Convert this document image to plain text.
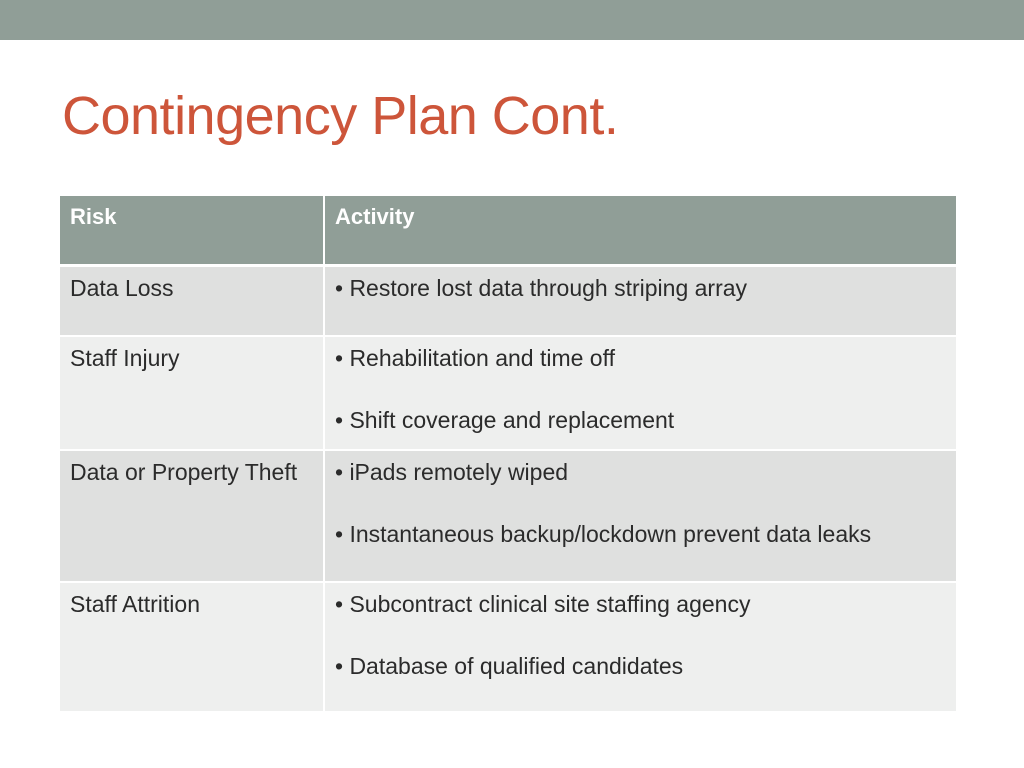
Contingency Plan Cont.
Risk	Activity
Data Loss	• Restore lost data through striping array

Staff Injury	• Rehabilitation and time off
• Shift coverage and replacement

Data or Property Theft	• iPads remotely wiped
• Instantaneous backup/lockdown prevent data leaks

Staff Attrition	• Subcontract clinical site staffing agency
• Database of qualified candidates
